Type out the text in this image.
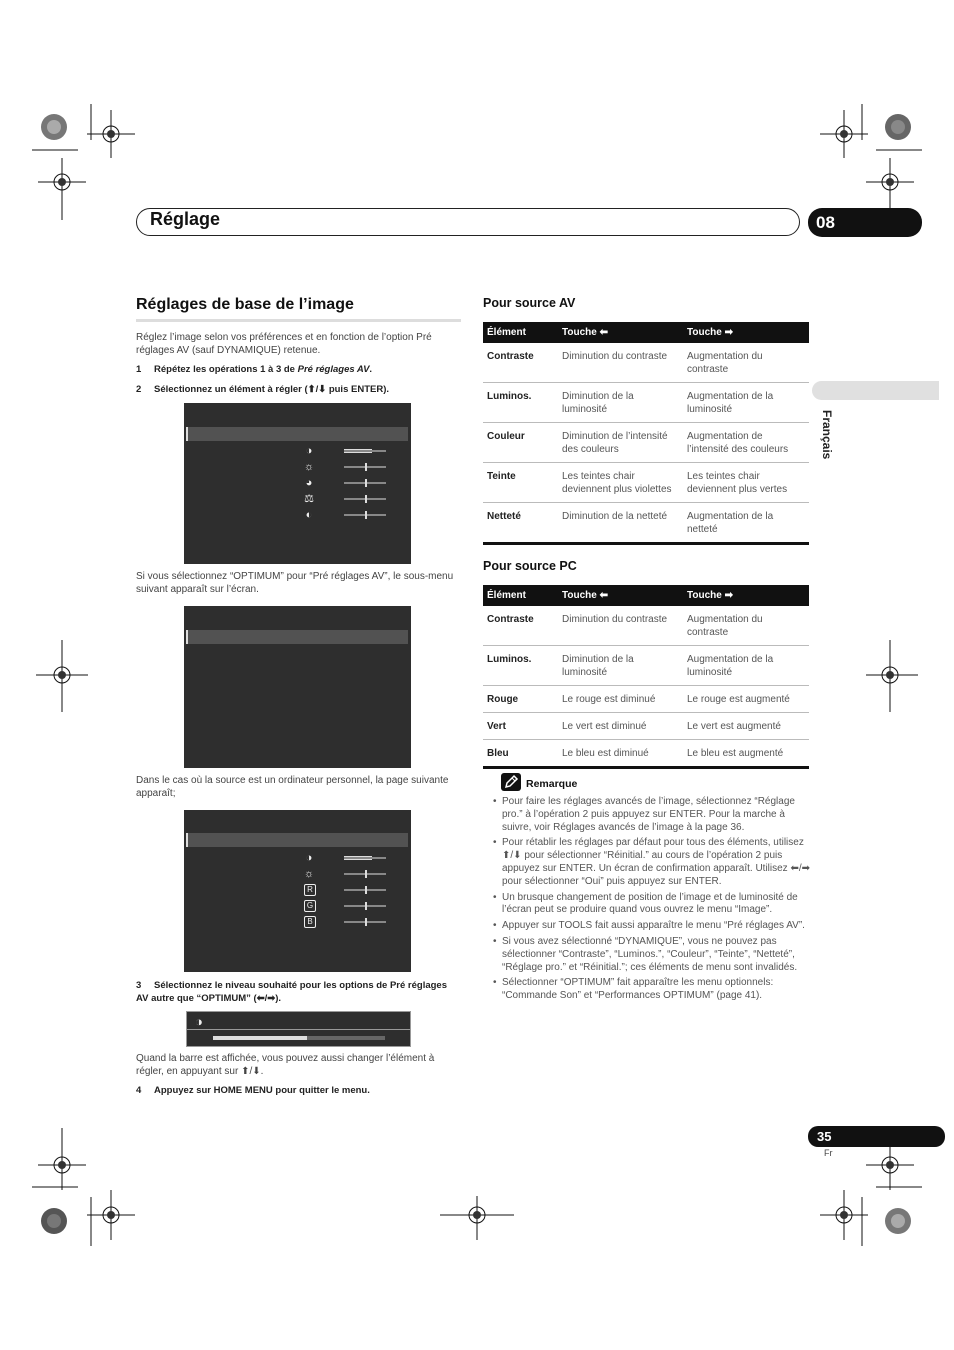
Réglage	08
Français
Réglages de base de l’image
Réglez l’image selon vos préférences et en fonction de l’option Pré réglages AV (sauf DYNAMIQUE) retenue.
1 Répétez les opérations 1 à 3 de Pré réglages AV.
2 Sélectionnez un élément à régler (⬆/⬇ puis ENTER).
◑
☼
◕
⚖
◐
Si vous sélectionnez “OPTIMUM” pour “Pré réglages AV”, le sous-menu suivant apparaît sur l’écran.
Dans le cas où la source est un ordinateur personnel, la page suivante apparaît;
◑
☼
R
G
B
3 Sélectionnez le niveau souhaité pour les options de Pré réglages AV autre que “OPTIMUM” (⬅/➡).
◑
Quand la barre est affichée, vous pouvez aussi changer l’élément à régler, en appuyant sur ⬆/⬇.
4 Appuyez sur HOME MENU pour quitter le menu.
Pour source AV
Élément	Touche ⬅	Touche ➡
Contraste	Diminution du contraste	Augmentation du contraste
Luminos.	Diminution de la luminosité	Augmentation de la luminosité
Couleur	Diminution de l’intensité des couleurs	Augmentation de l’intensité des couleurs
Teinte	Les teintes chair deviennent plus violettes	Les teintes chair deviennent plus vertes
Netteté	Diminution de la netteté	Augmentation de la netteté
Pour source PC
Élément	Touche ⬅	Touche ➡
Contraste	Diminution du contraste	Augmentation du contraste
Luminos.	Diminution de la luminosité	Augmentation de la luminosité
Rouge	Le rouge est diminué	Le rouge est augmenté
Vert	Le vert est diminué	Le vert est augmenté
Bleu	Le bleu est diminué	Le bleu est augmenté
Remarque
• Pour faire les réglages avancés de l’image, sélectionnez “Réglage pro.” à l’opération 2 puis appuyez sur ENTER. Pour la marche à suivre, voir Réglages avancés de l’image à la page 36.
• Pour rétablir les réglages par défaut pour tous des éléments, utilisez ⬆/⬇ pour sélectionner “Réinitial.” au cours de l’opération 2 puis appuyez sur ENTER. Un écran de confirmation apparaît. Utilisez ⬅/➡ pour sélectionner “Oui” puis appuyez sur ENTER.
• Un brusque changement de position de l’image et de luminosité de l’écran peut se produire quand vous ouvrez le menu “Image”.
• Appuyer sur TOOLS fait aussi apparaître le menu “Pré réglages AV”.
• Si vous avez sélectionné “DYNAMIQUE”, vous ne pouvez pas sélectionner “Contraste”, “Luminos.”, “Couleur”, “Teinte”, “Netteté”, “Réglage pro.” et “Réinitial.”; ces éléments de menu sont invalidés.
• Sélectionner “OPTIMUM” fait apparaître les menu optionnels: “Commande Son” et “Performances OPTIMUM” (page 41).
35
Fr
